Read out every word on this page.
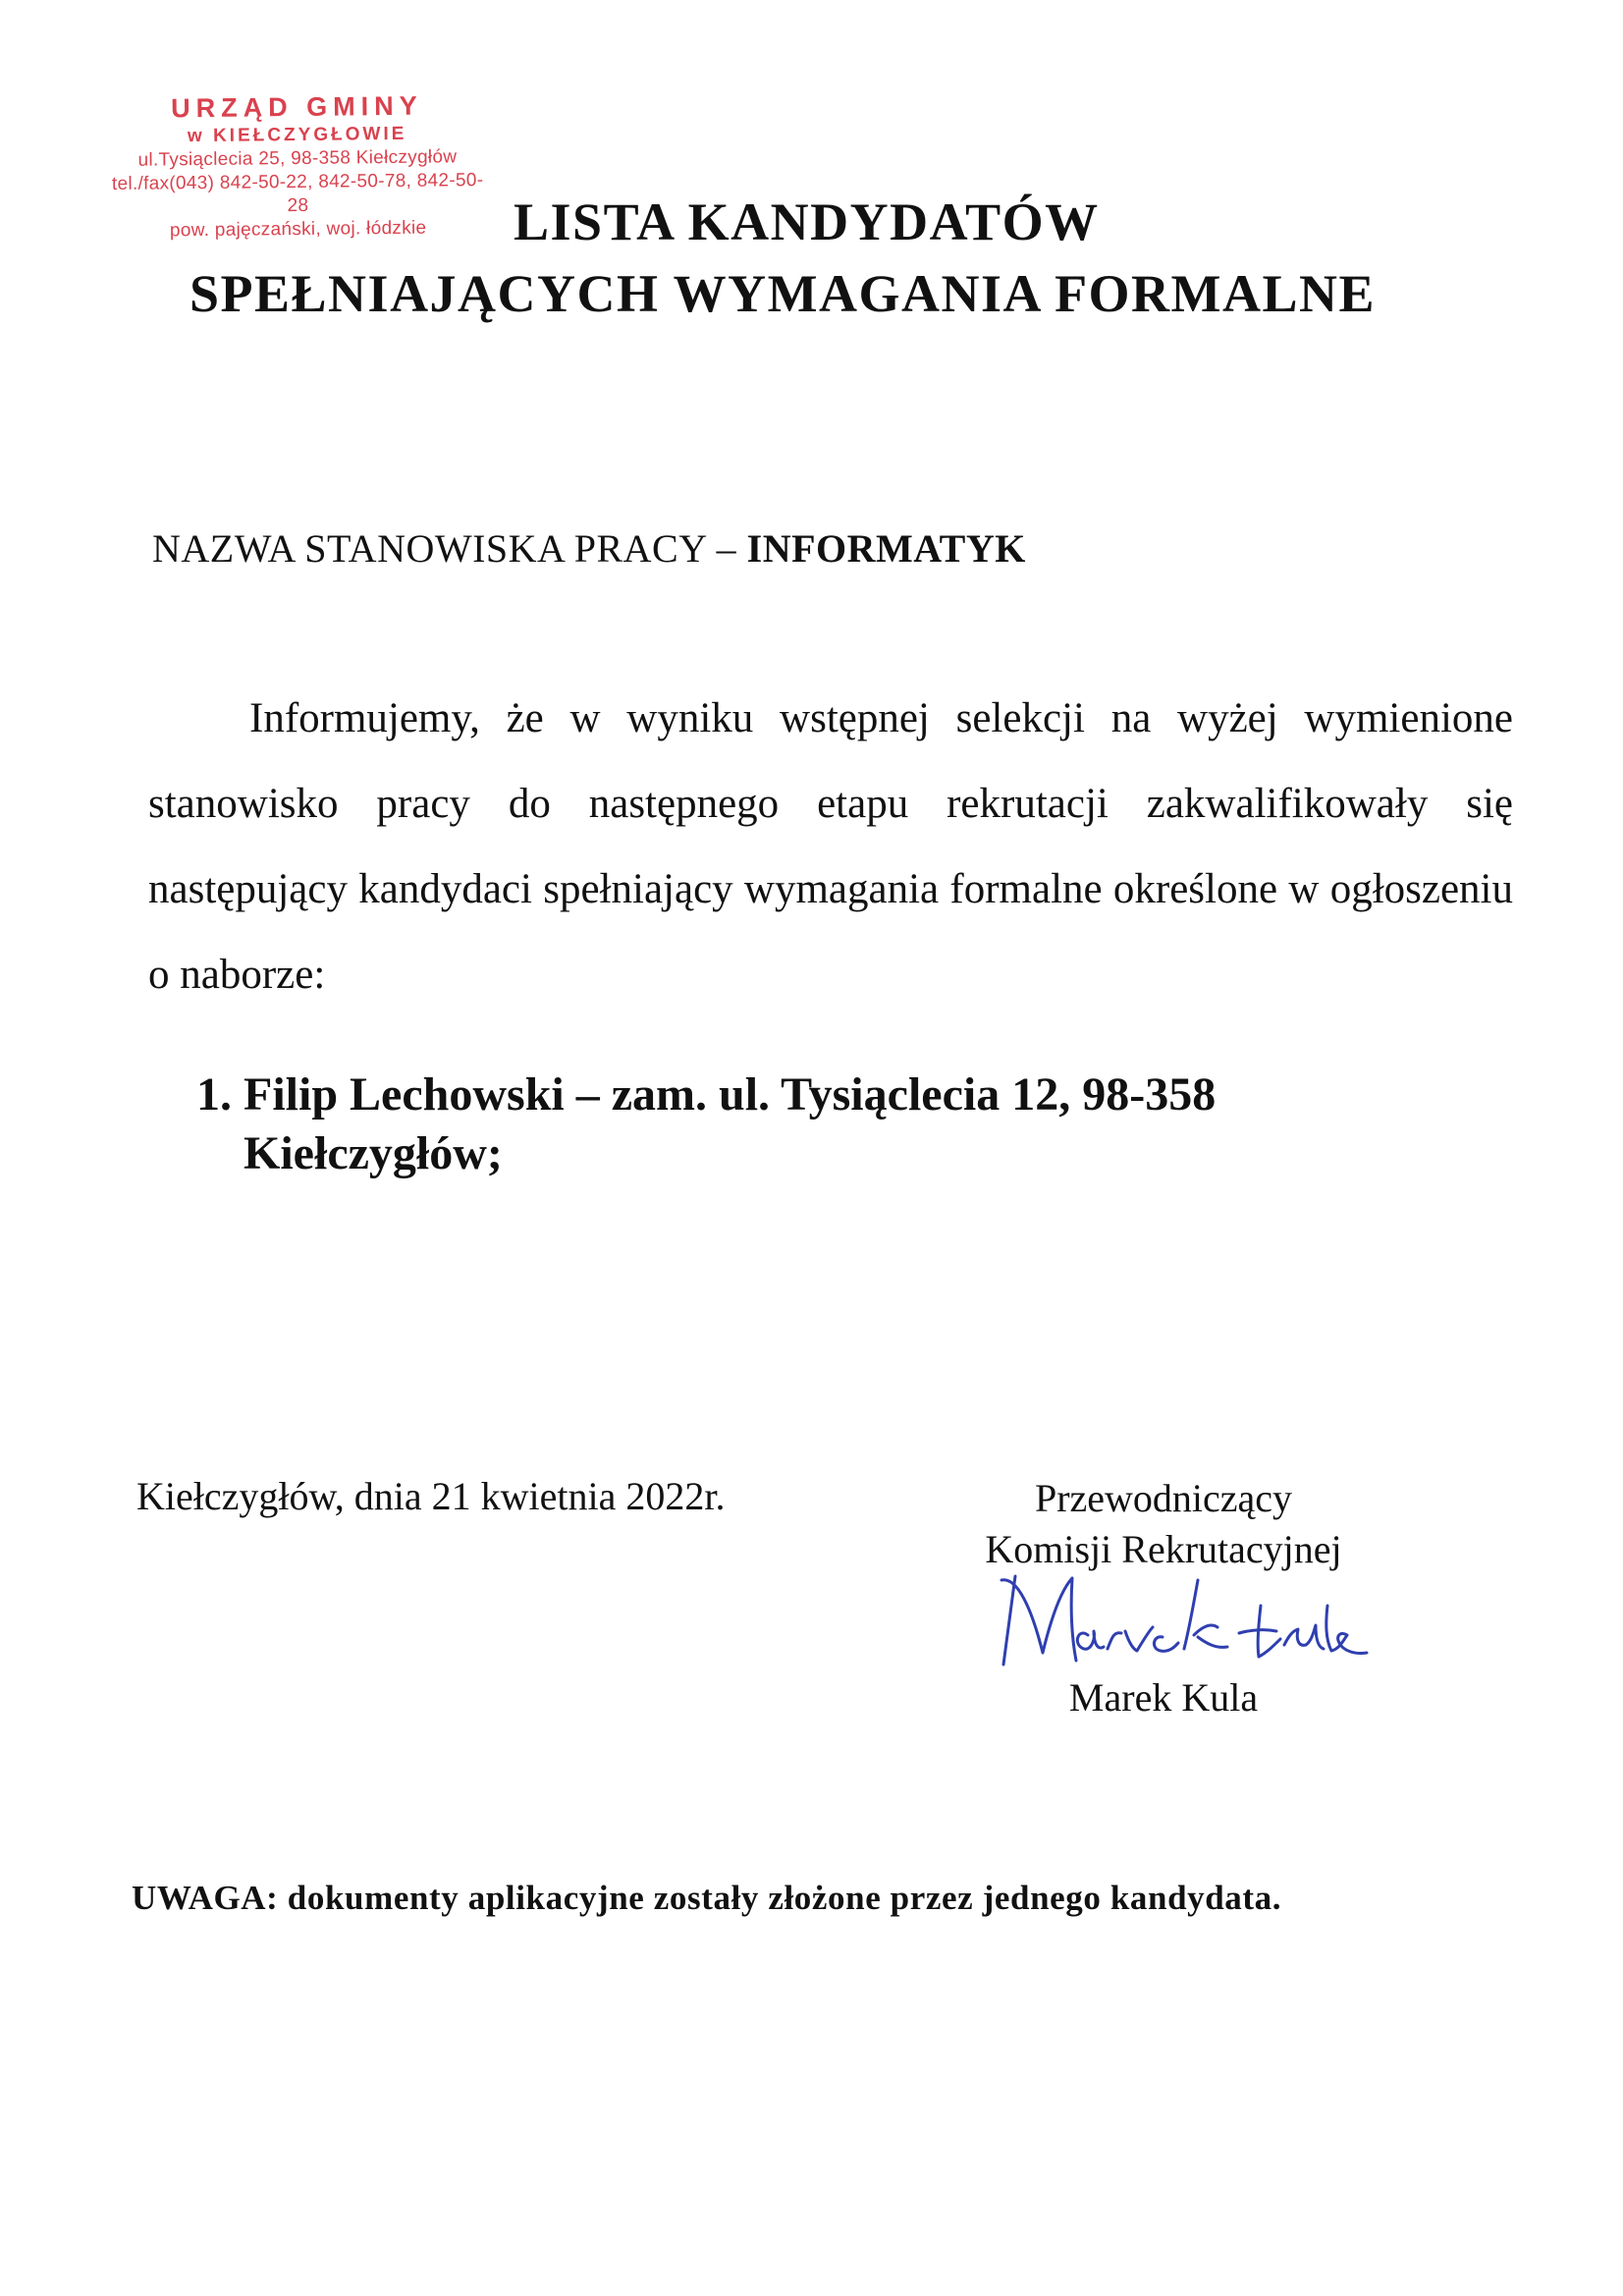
URZĄD GMINY
w KIEŁCZYGŁOWIE
ul.Tysiąclecia 25, 98-358 Kiełczygłów
tel./fax(043) 842-50-22, 842-50-78, 842-50-28
pow. pajęczański, woj. łódzkie	LISTA KANDYDATÓW
SPEŁNIAJĄCYCH WYMAGANIA FORMALNE
NAZWA STANOWISKA PRACY – INFORMATYK
Informujemy, że w wyniku wstępnej selekcji na wyżej wymienione stanowisko pracy do następnego etapu rekrutacji zakwalifikowały się następujący kandydaci spełniający wymagania formalne określone w ogłoszeniu o naborze:
1. Filip Lechowski – zam. ul. Tysiąclecia 12, 98-358 Kiełczygłów;
Kiełczygłów, dnia 21 kwietnia 2022r.	Przewodniczący
Komisji Rekrutacyjnej
Marek Kula
UWAGA: dokumenty aplikacyjne zostały złożone przez jednego kandydata.
